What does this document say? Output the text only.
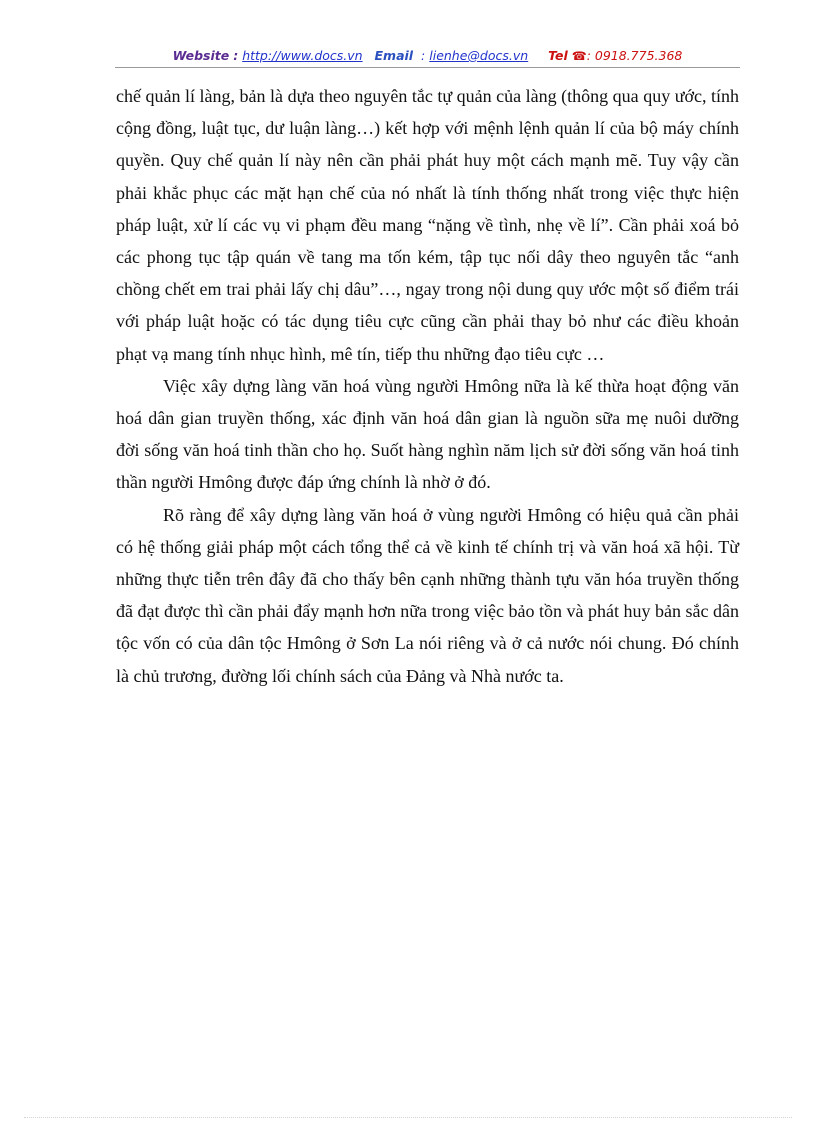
Website : http://www.docs.vn Email : lienhe@docs.vn Tel ☎: 0918.775.368

chế quản lí làng, bản là dựa theo nguyên tắc tự quản của làng (thông qua quy ước, tính cộng đồng, luật tục, dư luận làng…) kết hợp với mệnh lệnh quản lí của bộ máy chính quyền. Quy chế quản lí này nên cần phải phát huy một cách mạnh mẽ. Tuy vậy cần phải khắc phục các mặt hạn chế của nó nhất là tính thống nhất trong việc thực hiện pháp luật, xử lí các vụ vi phạm đều mang “nặng về tình, nhẹ về lí”. Cần phải xoá bỏ các phong tục tập quán về tang ma tốn kém, tập tục nối dây theo nguyên tắc “anh chồng chết em trai phải lấy chị dâu”…, ngay trong nội dung quy ước một số điểm trái với pháp luật hoặc có tác dụng tiêu cực cũng cần phải thay bỏ như các điều khoản phạt vạ mang tính nhục hình, mê tín, tiếp thu những đạo tiêu cực …

Việc xây dựng làng văn hoá vùng người Hmông nữa là kế thừa hoạt động văn hoá dân gian truyền thống, xác định văn hoá dân gian là nguồn sữa mẹ nuôi dưỡng đời sống văn hoá tinh thần cho họ. Suốt hàng nghìn năm lịch sử đời sống văn hoá tinh thần người Hmông được đáp ứng chính là nhờ ở đó.

Rõ ràng để xây dựng làng văn hoá ở vùng người Hmông có hiệu quả cần phải có hệ thống giải pháp một cách tổng thể cả về kinh tế chính trị và văn hoá xã hội. Từ những thực tiễn trên đây đã cho thấy bên cạnh những thành tựu văn hóa truyền thống đã đạt được thì cần phải đẩy mạnh hơn nữa trong việc bảo tồn và phát huy bản sắc dân tộc vốn có của dân tộc Hmông ở Sơn La nói riêng và ở cả nước nói chung. Đó chính là chủ trương, đường lối chính sách của Đảng và Nhà nước ta.
